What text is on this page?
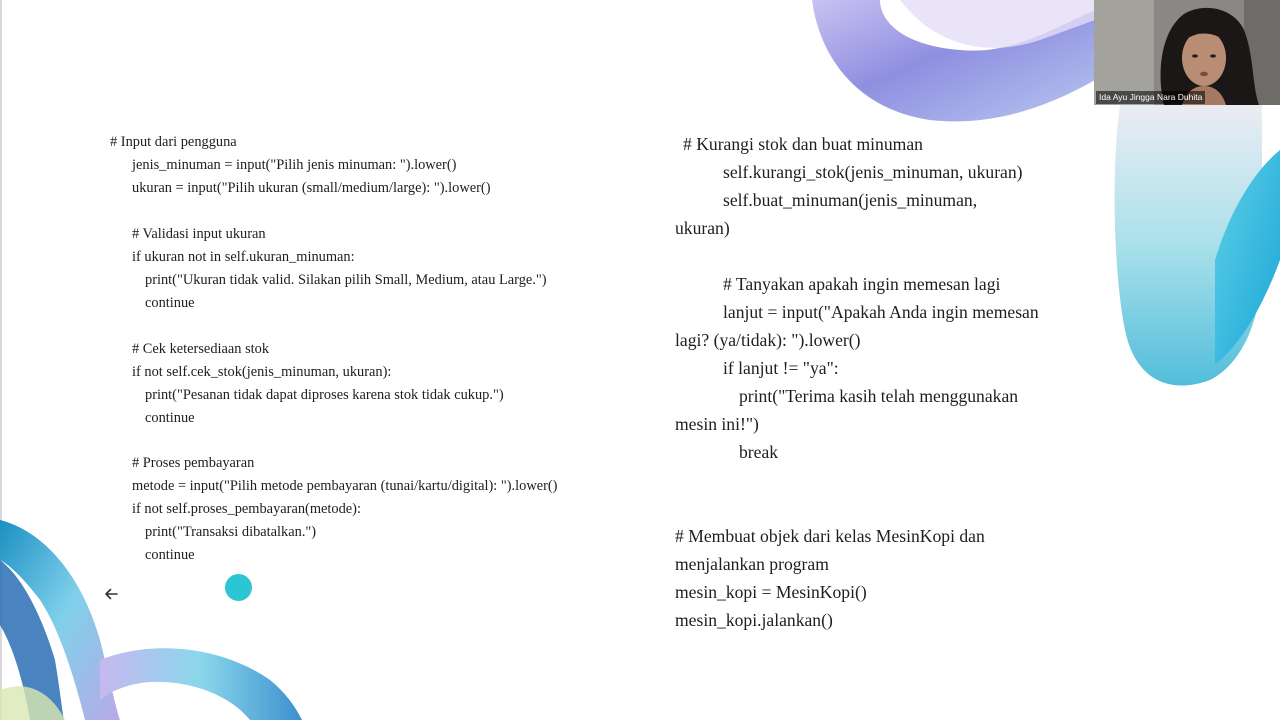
# Input dari pengguna
jenis_minuman = input("Pilih jenis minuman: ").lower()
ukuran = input("Pilih ukuran (small/medium/large): ").lower()
# Validasi input ukuran
if ukuran not in self.ukuran_minuman:
print("Ukuran tidak valid. Silakan pilih Small, Medium, atau Large.")
continue
# Cek ketersediaan stok
if not self.cek_stok(jenis_minuman, ukuran):
print("Pesanan tidak dapat diproses karena stok tidak cukup.")
continue
# Proses pembayaran
metode = input("Pilih metode pembayaran (tunai/kartu/digital): ").lower()
if not self.proses_pembayaran(metode):
print("Transaksi dibatalkan.")
continue
# Kurangi stok dan buat minuman
self.kurangi_stok(jenis_minuman, ukuran)
self.buat_minuman(jenis_minuman,
ukuran)
# Tanyakan apakah ingin memesan lagi
lanjut = input("Apakah Anda ingin memesan
lagi? (ya/tidak): ").lower()
if lanjut != "ya":
print("Terima kasih telah menggunakan
mesin ini!")
break
# Membuat objek dari kelas MesinKopi dan
menjalankan program
mesin_kopi = MesinKopi()
mesin_kopi.jalankan()
Ida Ayu Jingga Nara Duhita
